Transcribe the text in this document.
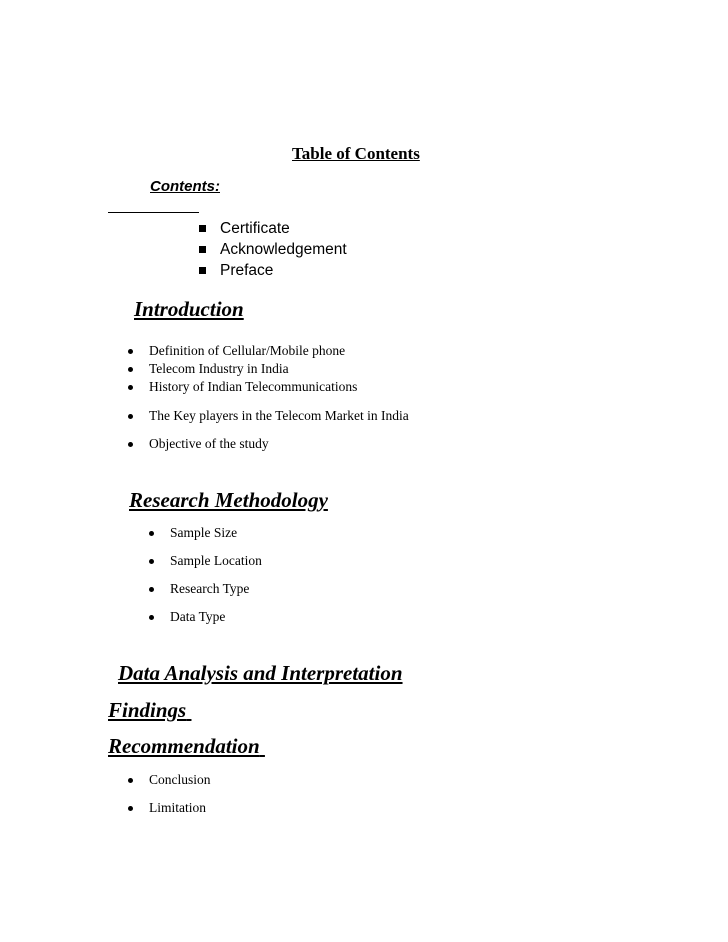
Table of Contents
Contents:
Certificate
Acknowledgement
Preface
Introduction
Definition of Cellular/Mobile phone
Telecom Industry in India
History of Indian Telecommunications
The Key players in the Telecom Market in India
Objective of the study
Research Methodology
Sample Size
Sample Location
Research Type
Data Type
Data Analysis and Interpretation
Findings
Recommendation
Conclusion
Limitation
